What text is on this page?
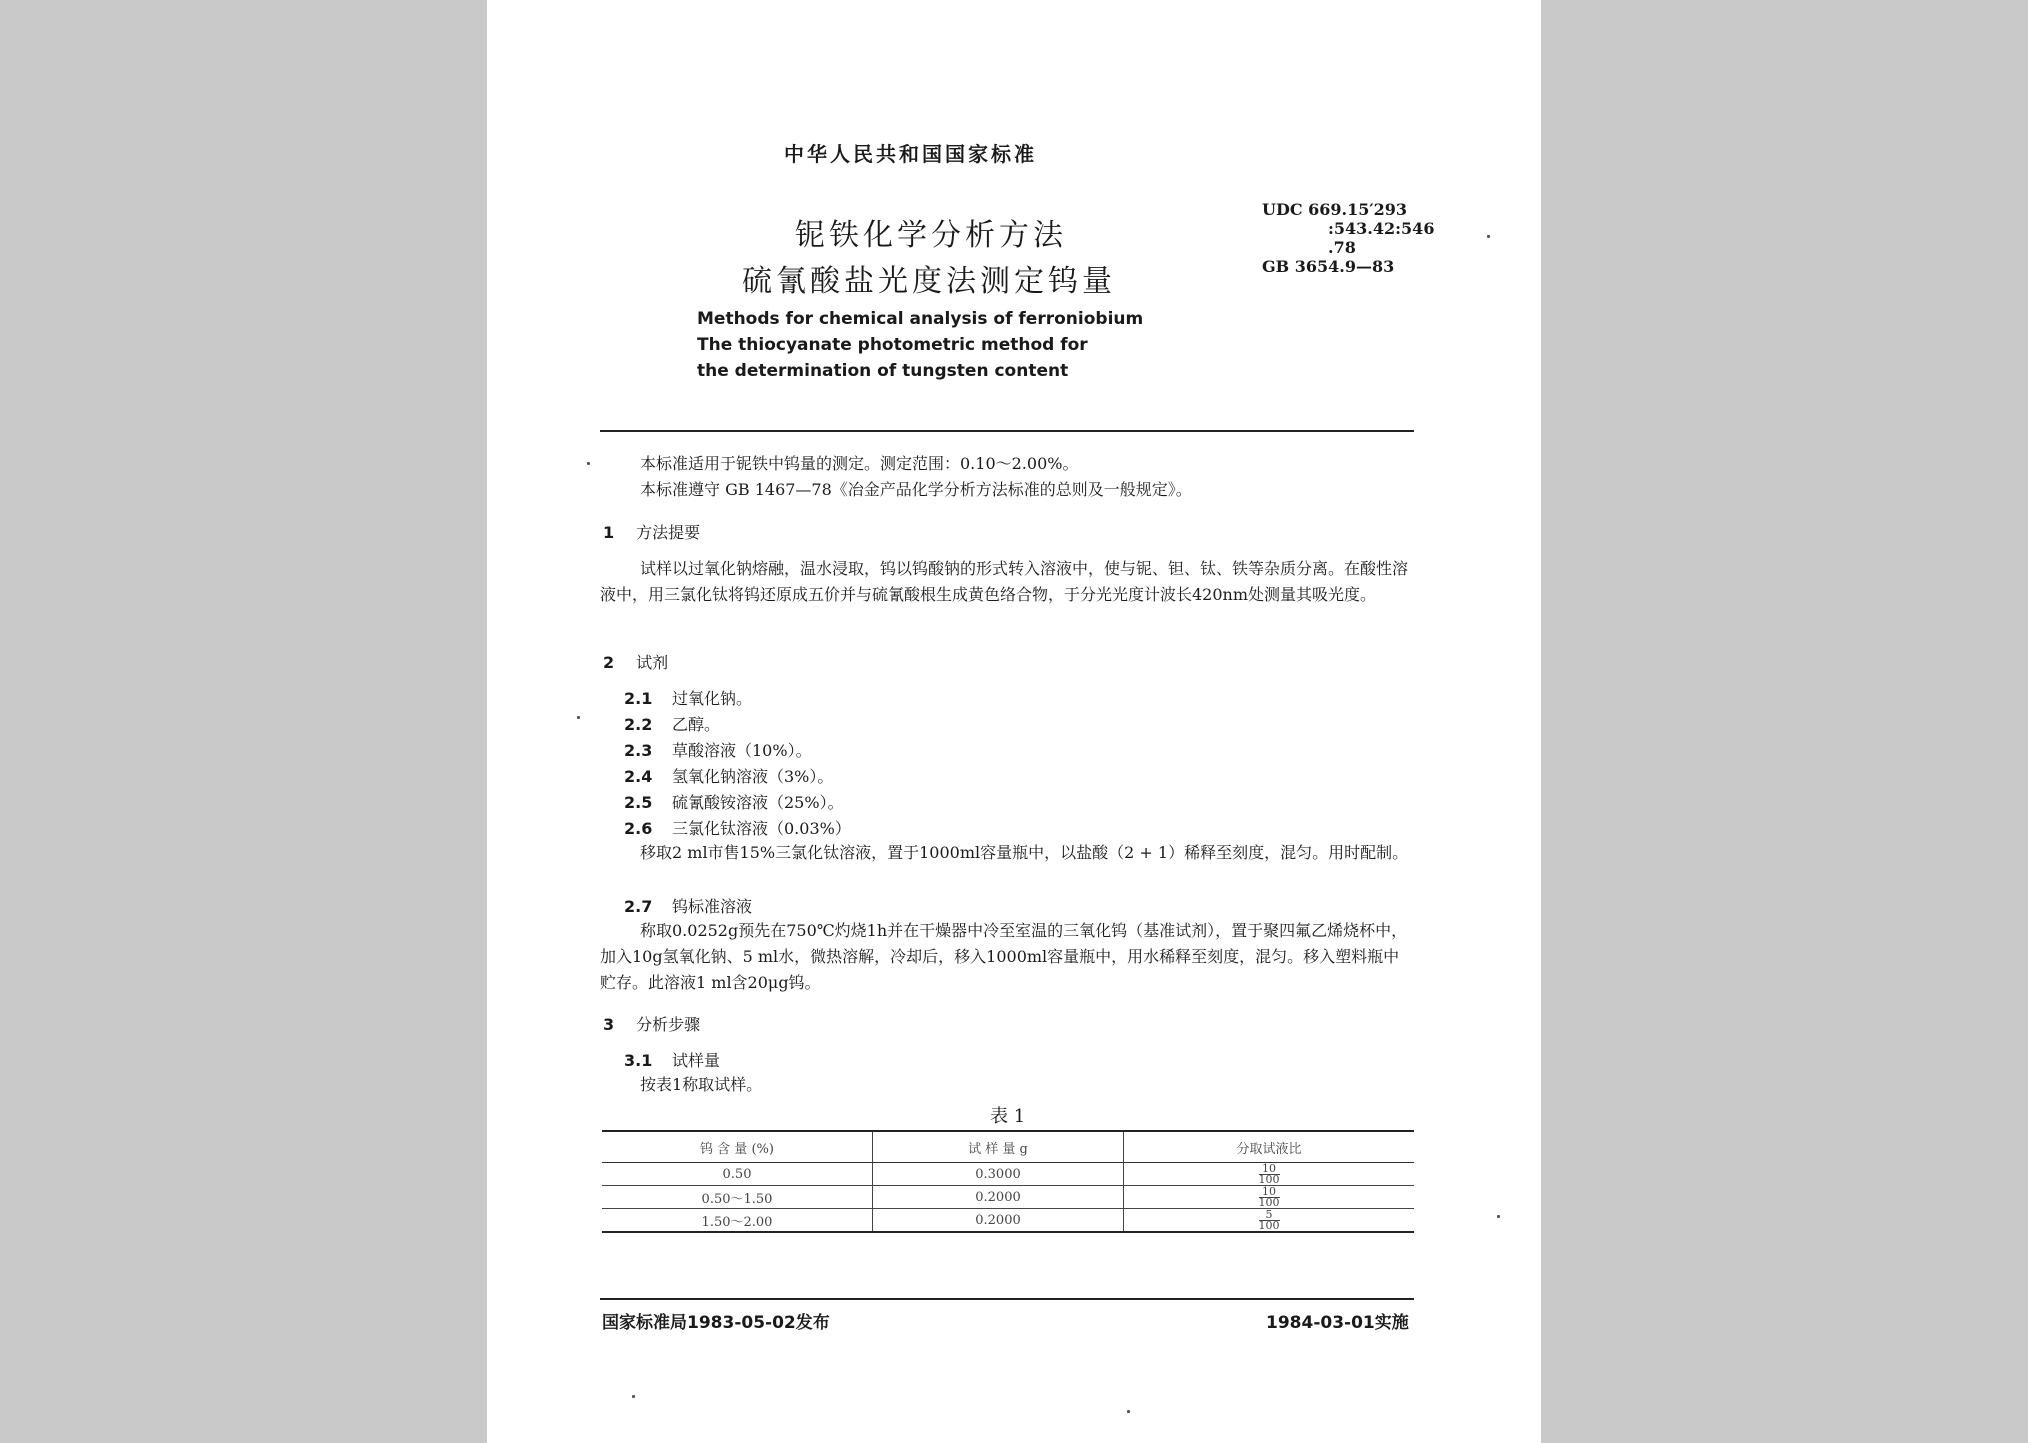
中华人民共和国国家标准
铌铁化学分析方法
硫氰酸盐光度法测定钨量
UDC 669.15′293
:543.42:546
.78
GB 3654.9—83
Methods for chemical analysis of ferroniobium
The thiocyanate photometric method for
the determination of tungsten content
本标准适用于铌铁中钨量的测定。测定范围：0.10～2.00%。
本标准遵守 GB 1467—78《冶金产品化学分析方法标准的总则及一般规定》。
1 方法提要
试样以过氧化钠熔融，温水浸取，钨以钨酸钠的形式转入溶液中，使与铌、钽、钛、铁等杂质分离。在酸性溶液中，用三氯化钛将钨还原成五价并与硫氰酸根生成黄色络合物，于分光光度计波长420nm处测量其吸光度。
2 试剂
2.1 过氧化钠。
2.2 乙醇。
2.3 草酸溶液（10%）。
2.4 氢氧化钠溶液（3%）。
2.5 硫氰酸铵溶液（25%）。
2.6 三氯化钛溶液（0.03%）
移取2 ml市售15%三氯化钛溶液，置于1000ml容量瓶中，以盐酸（2 + 1）稀释至刻度，混匀。用时配制。
2.7 钨标准溶液
称取0.0252g预先在750℃灼烧1h并在干燥器中冷至室温的三氧化钨（基准试剂），置于聚四氟乙烯烧杯中，加入10g氢氧化钠、5 ml水，微热溶解，冷却后，移入1000ml容量瓶中，用水稀释至刻度，混匀。移入塑料瓶中贮存。此溶液1 ml含20μg钨。
3 分析步骤
3.1 试样量
按表1称取试样。
表 1
钨 含 量 (%)	试 样 量 g	分取试液比
0.50	0.3000	$\frac{10}{100}$

0.50～1.50	0.2000	$\frac{10}{100}$

1.50～2.00	0.2000	$\frac{5}{100}$
国家标准局1983-05-02发布	1984-03-01实施
